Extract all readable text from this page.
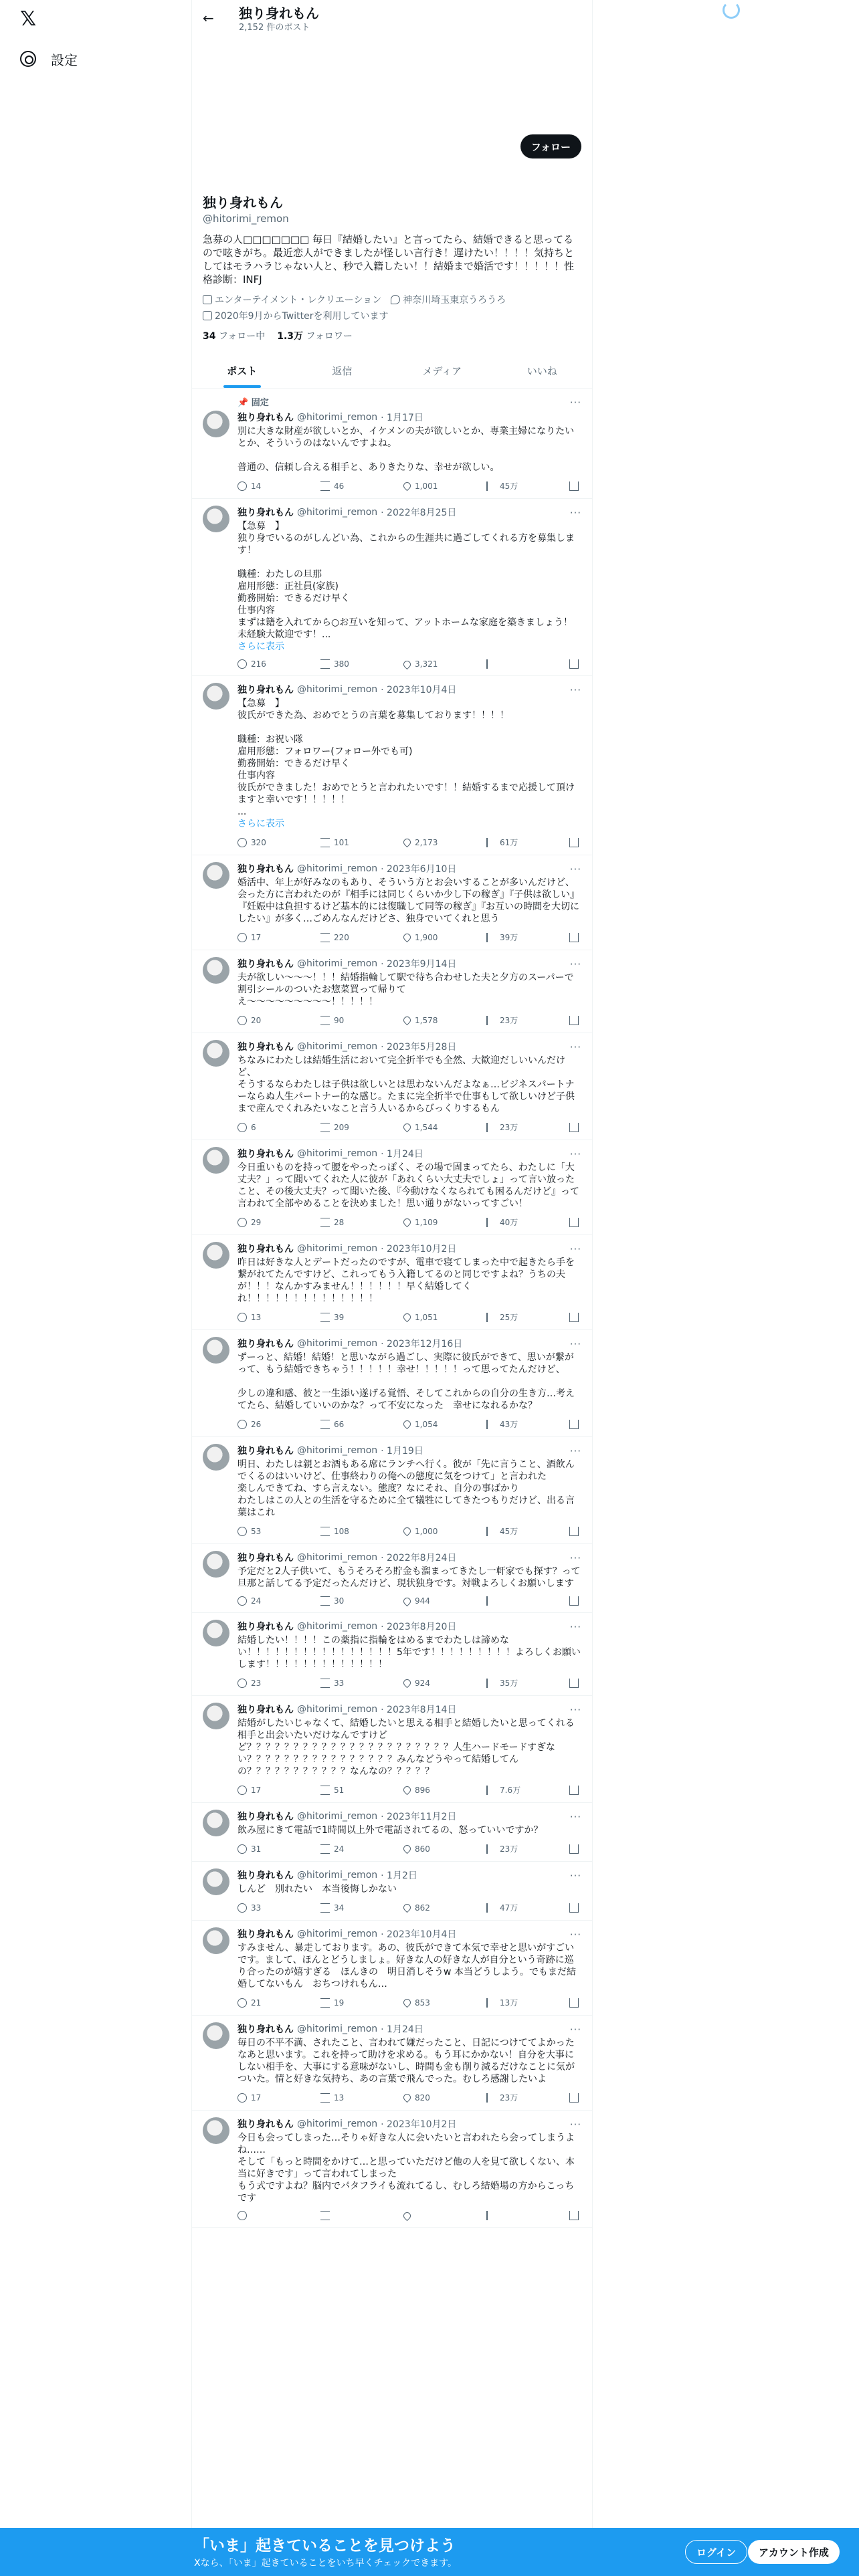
𝕏
設定
←	独り身れもん
2,152 件のポスト
フォロー
独り身れもん
@hitorimi_remon
急募の人□□□□□□□ 毎日『結婚したい』と言ってたら、結婚できると思ってるので呟きがち。最近恋人ができましたが怪しい言行き！遅けたい！！！！気持ちとしてはモラハラじゃない人と、秒で入籍したい！！結婚まで婚活です！！！！！性格診断：INFJ
エンターテイメント・レクリエーション	神奈川埼玉東京うろうろ
2020年9月からTwitterを利用しています
34 フォロー中 1.3万 フォロワー
ポスト	返信	メディア	いいね
📌 固定	···
独り身れもん @hitorimi_remon · 1月17日
別に大きな財産が欲しいとか、イケメンの夫が欲しいとか、専業主婦になりたいとか、そういうのはないんですよね。

普通の、信頼し合える相手と、ありきたりな、幸せが欲しい。
14	46	1,001	45万
···
独り身れもん @hitorimi_remon · 2022年8月25日
【急募　】
独り身でいるのがしんどい為、これからの生涯共に過ごしてくれる方を募集します！

職種：わたしの旦那
雇用形態：正社員(家族)
勤務開始：できるだけ早く
仕事内容
まずは籍を入れてから○お互いを知って、アットホームな家庭を築きましょう！未経験大歓迎です！...
さらに表示
216	380	3,321
···
独り身れもん @hitorimi_remon · 2023年10月4日
【急募　】
彼氏ができた為、おめでとうの言葉を募集しております！！！！

職種：お祝い隊
雇用形態：フォロワー(フォロー外でも可)
勤務開始：できるだけ早く
仕事内容
彼氏ができました！おめでとうと言われたいです！！結婚するまで応援して頂けますと幸いです！！！！！
...
さらに表示
320	101	2,173	61万
···
独り身れもん @hitorimi_remon · 2023年6月10日
婚活中、年上が好みなのもあり、そういう方とお会いすることが多いんだけど、
会った方に言われたのが『相手には同じくらいか少し下の稼ぎ』『子供は欲しい』『妊娠中は負担するけど基本的には復職して同等の稼ぎ』『お互いの時間を大切にしたい』が多く…ごめんなんだけどさ、独身でいてくれと思う
17	220	1,900	39万
···
独り身れもん @hitorimi_remon · 2023年9月14日
夫が欲しい〜〜〜！！！結婚指輪して駅で待ち合わせした夫と夕方のスーパーで割引シールのついたお惣菜買って帰りて
え〜〜〜〜〜〜〜〜〜！！！！！
20	90	1,578	23万
···
独り身れもん @hitorimi_remon · 2023年5月28日
ちなみにわたしは結婚生活において完全折半でも全然、大歓迎だしいいんだけど、
そうするならわたしは子供は欲しいとは思わないんだよなぁ…ビジネスパートナーならぬ人生パートナー的な感じ。たまに完全折半で仕事もして欲しいけど子供まで産んでくれみたいなこと言う人いるからびっくりするもん
6	209	1,544	23万
···
独り身れもん @hitorimi_remon · 1月24日
今日重いものを持って腰をやったっぽく、その場で固まってたら、わたしに「大丈夫？」って聞いてくれた人に彼が「あれくらい大丈夫でしょ」って言い放ったこと、その後大丈夫？って聞いた後、『今動けなくなられても困るんだけど』って言われて全部やめることを決めました！思い通りがないってすごい！
29	28	1,109	40万
···
独り身れもん @hitorimi_remon · 2023年10月2日
昨日は好きな人とデートだったのですが、電車で寝てしまった中で起きたら手を繋がれてたんですけど、これってもう入籍してるのと同じですよね？うちの夫が！！！なんかすみません！！！！！！早く結婚してくれ！！！！！！！！！！！！！！
13	39	1,051	25万
···
独り身れもん @hitorimi_remon · 2023年12月16日
ずーっと、結婚！結婚！と思いながら過ごし、実際に彼氏ができて、思いが繋がって、もう結婚できちゃう！！！！！幸せ！！！！！って思ってたんだけど、

少しの違和感、彼と一生添い遂げる覚悟、そしてこれからの自分の生き方…考えてたら、結婚していいのかな？って不安になった　幸せになれるかな？
26	66	1,054	43万
···
独り身れもん @hitorimi_remon · 1月19日
明日、わたしは親とお酒もある席にランチへ行く。彼が「先に言うこと、酒飲んでくるのはいいけど、仕事終わりの俺への態度に気をつけて」と言われた
楽しんできてね、すら言えない。態度？なにそれ、自分の事ばかり
わたしはこの人との生活を守るために全て犠牲にしてきたつもりだけど、出る言葉はこれ
53	108	1,000	45万
···
独り身れもん @hitorimi_remon · 2022年8月24日
予定だと2人子供いて、もうそろそろ貯金も溜まってきたし一軒家でも探す？って旦那と話してる予定だったんだけど、現状独身です。対戦よろしくお願いします
24	30	944
···
独り身れもん @hitorimi_remon · 2023年8月20日
結婚したい！！！！この薬指に指輪をはめるまでわたしは諦めない！！！！！！！！！！！！！！！！5年です！！！！！！！！！よろしくお願いします！！！！！！！！！！！！！
23	33	924	35万
···
独り身れもん @hitorimi_remon · 2023年8月14日
結婚がしたいじゃなくて、結婚したいと思える相手と結婚したいと思ってくれる相手と出会いたいだけなんですけど
ど？？？？？？？？？？？？？？？？？？？？？？人生ハードモードすぎない？？？？？？？？？？？？？？？？みんなどうやって結婚してんの？？？？？？？？？？？なんなの？？？？？
17	51	896	7.6万
···
独り身れもん @hitorimi_remon · 2023年11月2日
飲み屋にきて電話で1時間以上外で電話されてるの、怒っていいですか？
31	24	860	23万
···
独り身れもん @hitorimi_remon · 1月2日
しんど　別れたい　本当後悔しかない
33	34	862	47万
···
独り身れもん @hitorimi_remon · 2023年10月4日
すみません、暴走しております。あの、彼氏ができて本気で幸せと思いがすごいです。まして、ほんとどうしましょ。好きな人の好きな人が自分という奇跡に巡り合ったのが嬉すぎる　ほんきの　明日消しそうw 本当どうしよう。でもまだ結婚してないもん　おちつけれもん…
21	19	853	13万
···
独り身れもん @hitorimi_remon · 1月24日
毎日の不平不満、されたこと、言われて嫌だったこと、日記につけててよかったなあと思います。これを持って助けを求める。もう耳にかかない！自分を大事にしない相手を、大事にする意味がないし、時間も金も削り減るだけなことに気がついた。情と好きな気持ち、あの言葉で飛んでった。むしろ感謝したいよ
17	13	820	23万
···
独り身れもん @hitorimi_remon · 2023年10月2日
今日も会ってしまった…そりゃ好きな人に会いたいと言われたら会ってしまうよね……
そして「もっと時間をかけて…と思っていただけど他の人を見て欲しくない、本当に好きです」って言われてしまった
もう式ですよね？脳内でパタフライも流れてるし、むしろ結婚場の方からこっちです
「いま」起きていることを見つけよう
Xなら、「いま」起きていることをいち早くチェックできます。
ログイン	アカウント作成
